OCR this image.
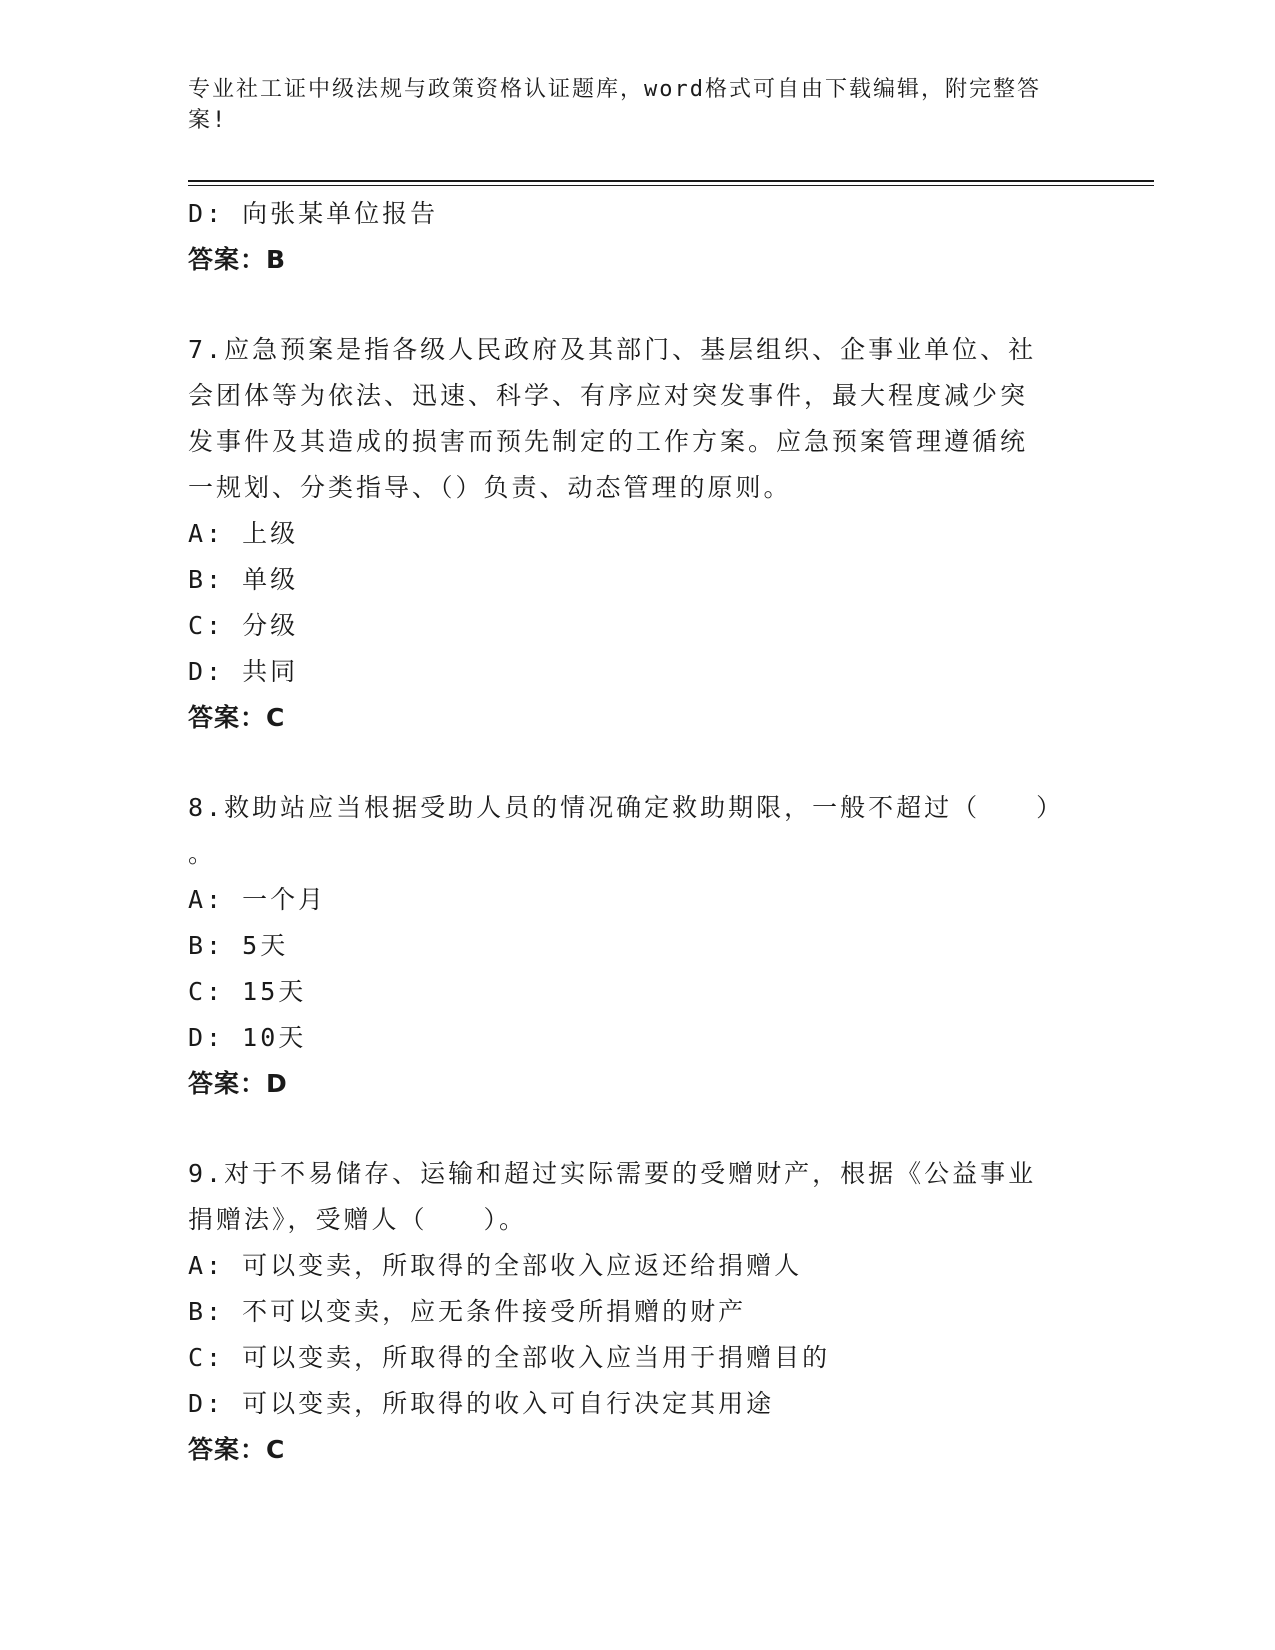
专业社工证中级法规与政策资格认证题库，word格式可自由下载编辑，附完整答
案!
D: 向张某单位报告
答案：B
7.应急预案是指各级人民政府及其部门、基层组织、企事业单位、社
会团体等为依法、迅速、科学、有序应对突发事件，最大程度减少突
发事件及其造成的损害而预先制定的工作方案。应急预案管理遵循统
一规划、分类指导、（）负责、动态管理的原则。
A: 上级
B: 单级
C: 分级
D: 共同
答案：C
8.救助站应当根据受助人员的情况确定救助期限，一般不超过（　　）
。
A: 一个月
B: 5天
C: 15天
D: 10天
答案：D
9.对于不易储存、运输和超过实际需要的受赠财产，根据《公益事业
捐赠法》，受赠人（　　）。
A: 可以变卖，所取得的全部收入应返还给捐赠人
B: 不可以变卖，应无条件接受所捐赠的财产
C: 可以变卖，所取得的全部收入应当用于捐赠目的
D: 可以变卖，所取得的收入可自行决定其用途
答案：C
